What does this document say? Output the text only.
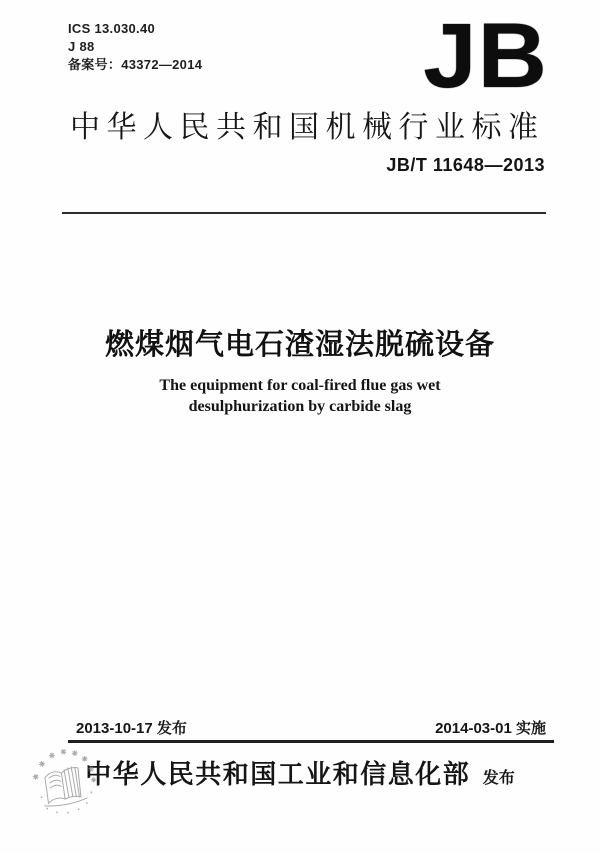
ICS 13.030.40
J 88
备案号：43372—2014 JB
中华人民共和国机械行业标准
JB/T 11648—2013
燃煤烟气电石渣湿法脱硫设备
The equipment for coal-fired flue gas wet
desulphurization by carbide slag
2013-10-17 发布	2014-03-01 实施
中华人民共和国工业和信息化部 发布
